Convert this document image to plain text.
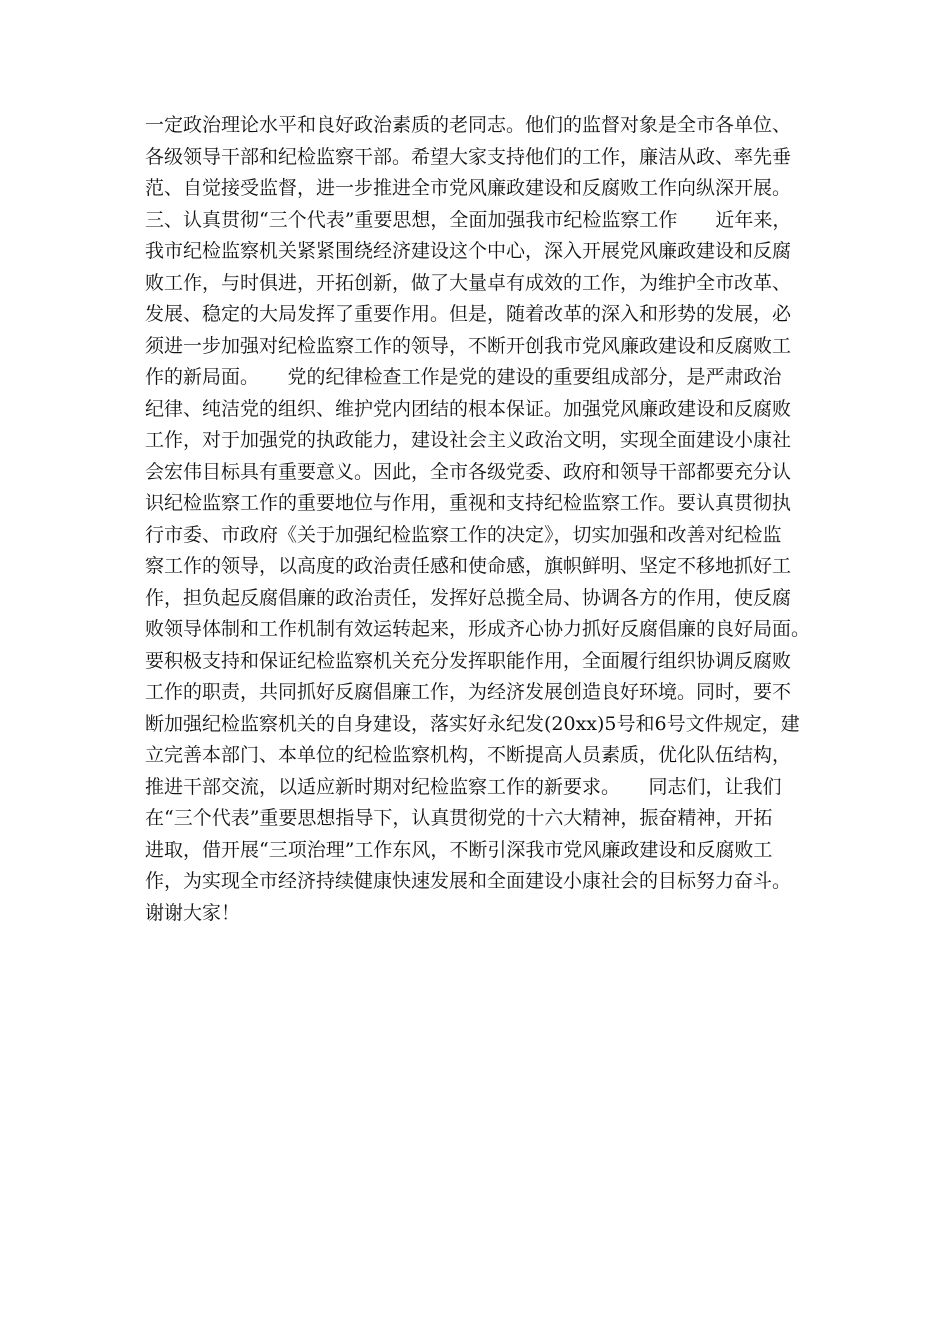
一定政治理论水平和良好政治素质的老同志。他们的监督对象是全市各单位、
各级领导干部和纪检监察干部。希望大家支持他们的工作，廉洁从政、率先垂
范、自觉接受监督，进一步推进全市党风廉政建设和反腐败工作向纵深开展。
三、认真贯彻“三个代表”重要思想，全面加强我市纪检监察工作　　近年来，
我市纪检监察机关紧紧围绕经济建设这个中心，深入开展党风廉政建设和反腐
败工作，与时俱进，开拓创新，做了大量卓有成效的工作，为维护全市改革、
发展、稳定的大局发挥了重要作用。但是，随着改革的深入和形势的发展，必
须进一步加强对纪检监察工作的领导，不断开创我市党风廉政建设和反腐败工
作的新局面。　　党的纪律检查工作是党的建设的重要组成部分，是严肃政治
纪律、纯洁党的组织、维护党内团结的根本保证。加强党风廉政建设和反腐败
工作，对于加强党的执政能力，建设社会主义政治文明，实现全面建设小康社
会宏伟目标具有重要意义。因此，全市各级党委、政府和领导干部都要充分认
识纪检监察工作的重要地位与作用，重视和支持纪检监察工作。要认真贯彻执
行市委、市政府《关于加强纪检监察工作的决定》，切实加强和改善对纪检监
察工作的领导，以高度的政治责任感和使命感，旗帜鲜明、坚定不移地抓好工
作，担负起反腐倡廉的政治责任，发挥好总揽全局、协调各方的作用，使反腐
败领导体制和工作机制有效运转起来，形成齐心协力抓好反腐倡廉的良好局面。
要积极支持和保证纪检监察机关充分发挥职能作用，全面履行组织协调反腐败
工作的职责，共同抓好反腐倡廉工作，为经济发展创造良好环境。同时，要不
断加强纪检监察机关的自身建设，落实好永纪发(20xx)5号和6号文件规定，建
立完善本部门、本单位的纪检监察机构，不断提高人员素质，优化队伍结构，
推进干部交流，以适应新时期对纪检监察工作的新要求。　　同志们，让我们
在“三个代表”重要思想指导下，认真贯彻党的十六大精神，振奋精神，开拓
进取，借开展“三项治理”工作东风，不断引深我市党风廉政建设和反腐败工
作，为实现全市经济持续健康快速发展和全面建设小康社会的目标努力奋斗。
谢谢大家！
